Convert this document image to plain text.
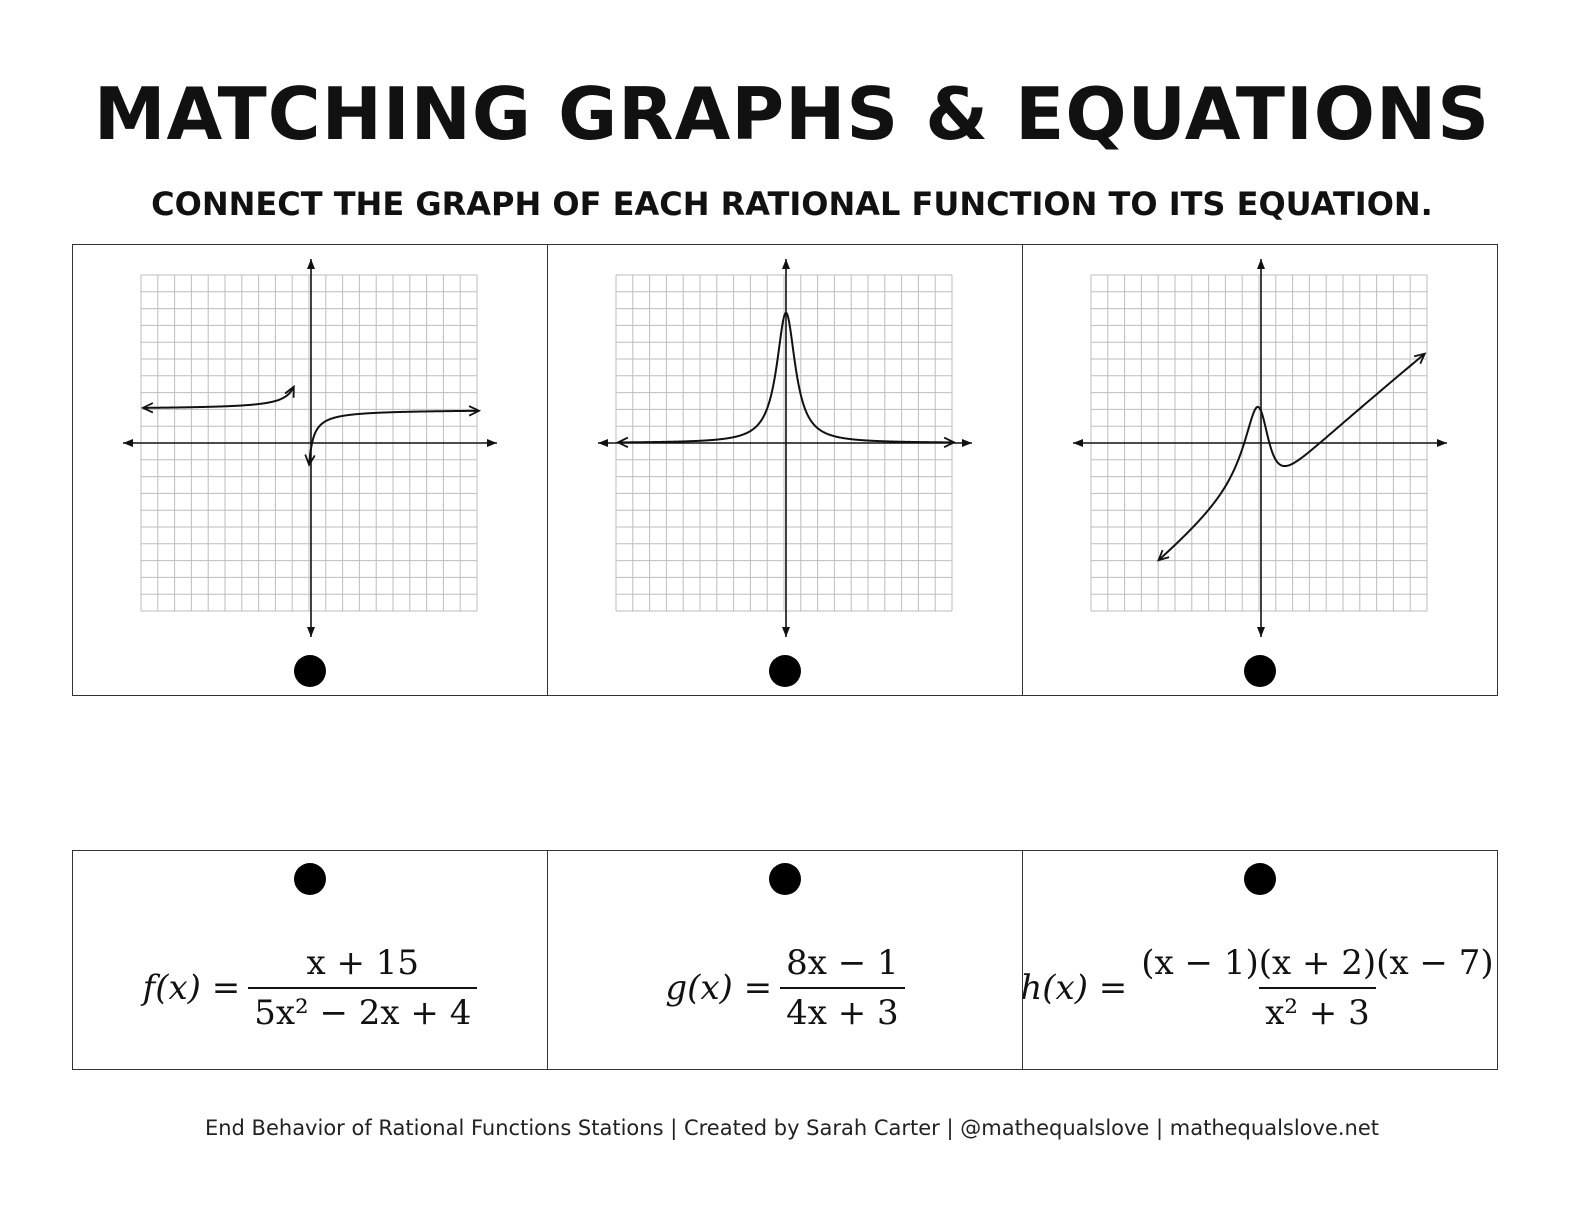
MATCHING GRAPHS & EQUATIONS
CONNECT THE GRAPH OF EACH RATIONAL FUNCTION TO ITS EQUATION.
$f(x) = \frac{x + 15}{\text{5x² − 2x + 4}}$	$g(x) = \frac{8x - 1}{4x + 3}$	$h(x) = \frac{(x - 1)(x + 2)(x - 7)}{\text{x² + 3}}$
End Behavior of Rational Functions Stations | Created by Sarah Carter | @mathequalslove | mathequalslove.net
